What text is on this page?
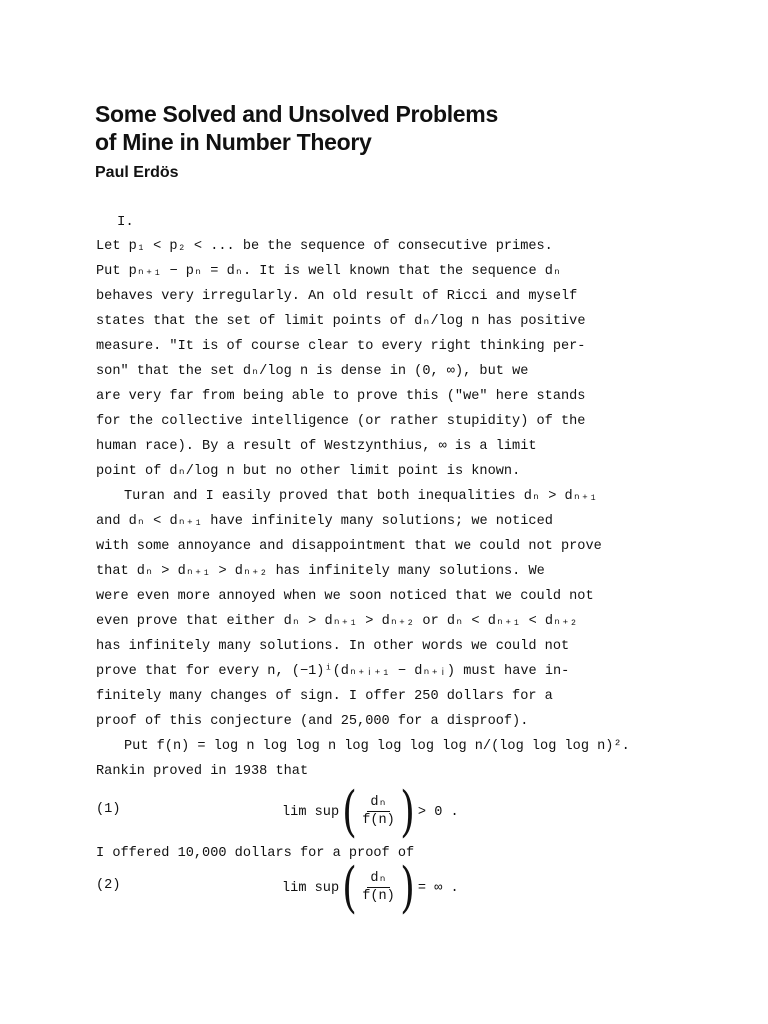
Some Solved and Unsolved Problems
of Mine in Number Theory
Paul Erdös
I.

Let p₁ < p₂ < ... be the sequence of consecutive primes.
Put pₙ₊₁ − pₙ = dₙ. It is well known that the sequence dₙ
behaves very irregularly. An old result of Ricci and myself
states that the set of limit points of dₙ/log n has positive
measure. "It is of course clear to every right thinking per-
son" that the set dₙ/log n is dense in (0, ∞), but we
are very far from being able to prove this ("we" here stands
for the collective intelligence (or rather stupidity) of the
human race). By a result of Westzynthius, ∞ is a limit
point of dₙ/log n but no other limit point is known.

Turan and I easily proved that both inequalities dₙ > dₙ₊₁
and dₙ < dₙ₊₁ have infinitely many solutions; we noticed
with some annoyance and disappointment that we could not prove
that dₙ > dₙ₊₁ > dₙ₊₂ has infinitely many solutions. We
were even more annoyed when we soon noticed that we could not
even prove that either dₙ > dₙ₊₁ > dₙ₊₂ or dₙ < dₙ₊₁ < dₙ₊₂
has infinitely many solutions. In other words we could not
prove that for every n, (−1)ⁱ(dₙ₊ᵢ₊₁ − dₙ₊ᵢ) must have in-
finitely many changes of sign. I offer 250 dollars for a
proof of this conjecture (and 25,000 for a disproof).

Put f(n) = log n log log n log log log log n/(log log log n)².
Rankin proved in 1938 that

(1)	lim sup ( $\frac{\text{dₙ}}{f(n)}$ ) > 0 .
I offered 10,000 dollars for a proof of
(2)	lim sup ( $\frac{\text{dₙ}}{f(n)}$ ) = ∞ .
